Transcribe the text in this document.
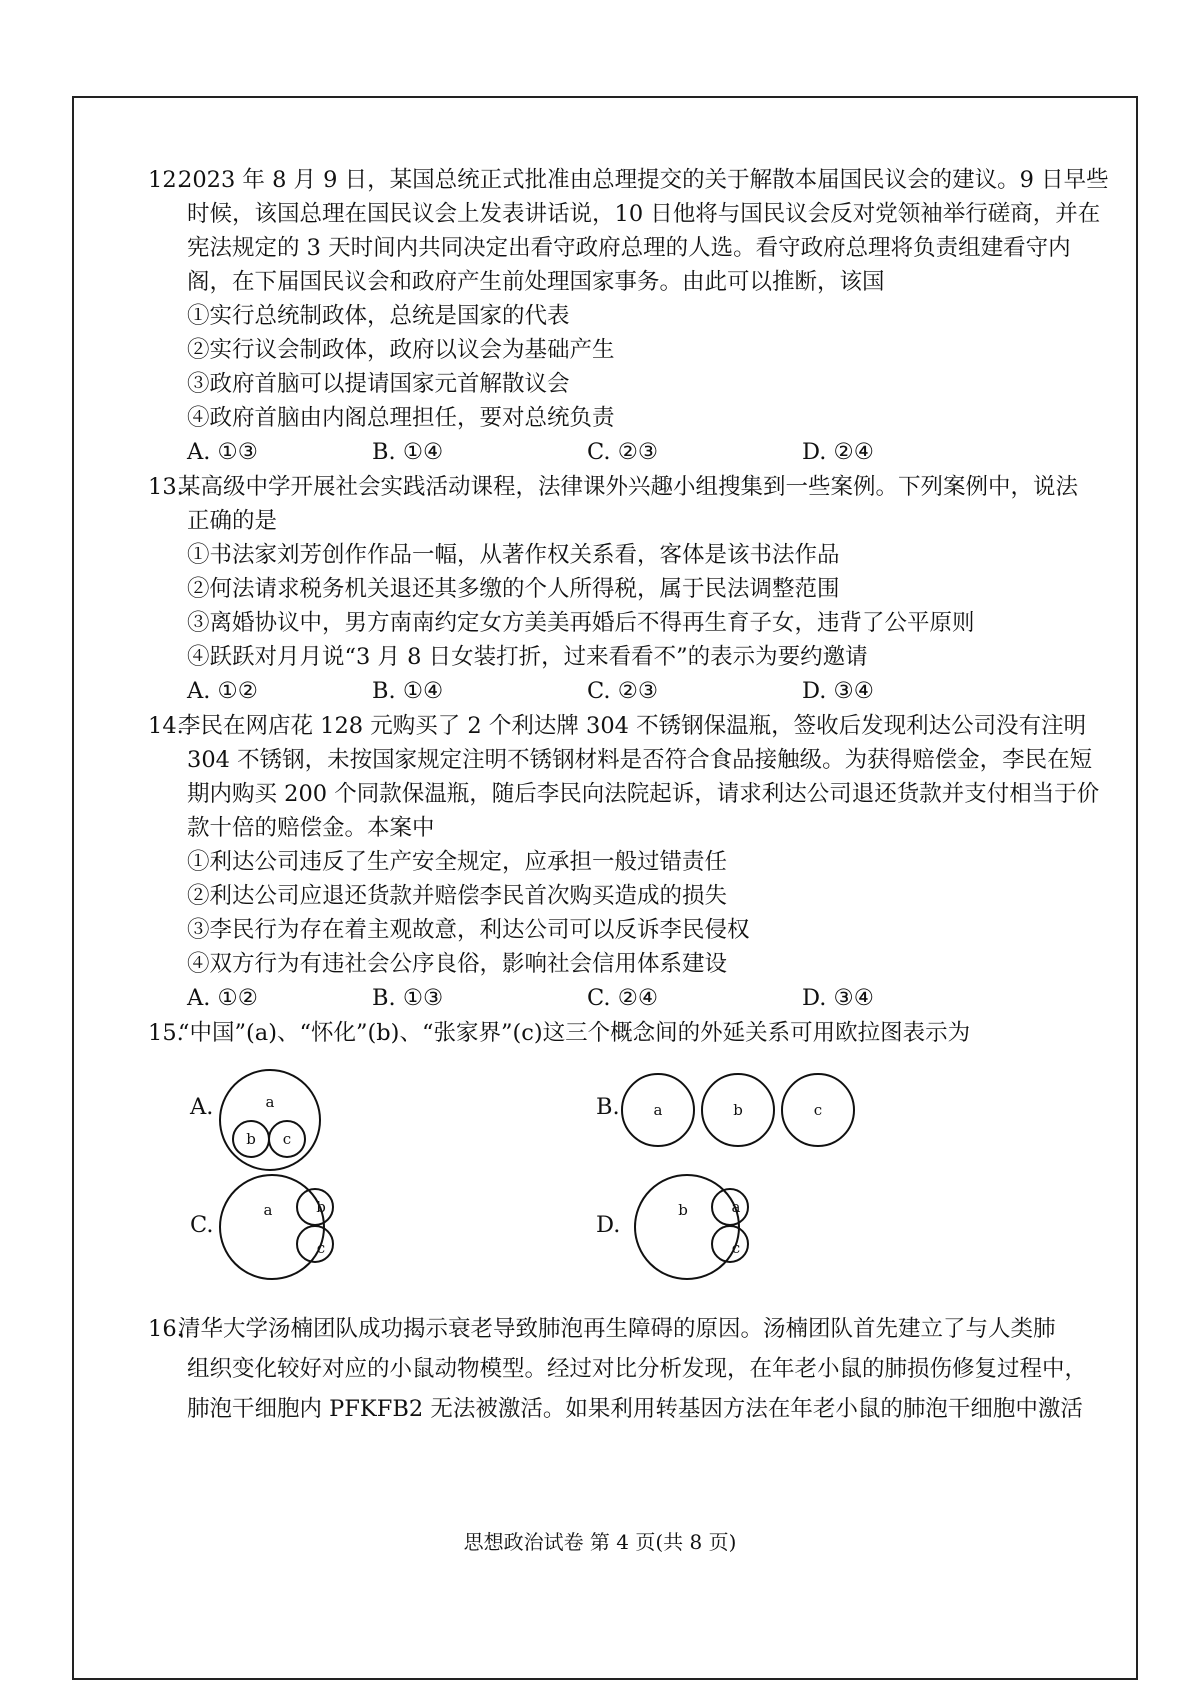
12.
2023 年 8 月 9 日，某国总统正式批准由总理提交的关于解散本届国民议会的建议。9 日早些
时候，该国总理在国民议会上发表讲话说，10 日他将与国民议会反对党领袖举行磋商，并在
宪法规定的 3 天时间内共同决定出看守政府总理的人选。看守政府总理将负责组建看守内
阁，在下届国民议会和政府产生前处理国家事务。由此可以推断，该国
①实行总统制政体，总统是国家的代表
②实行议会制政体，政府以议会为基础产生
③政府首脑可以提请国家元首解散议会
④政府首脑由内阁总理担任，要对总统负责
A. ①③	B. ①④	C. ②③	D. ②④
13.
某高级中学开展社会实践活动课程，法律课外兴趣小组搜集到一些案例。下列案例中，说法
正确的是
①书法家刘芳创作作品一幅，从著作权关系看，客体是该书法作品
②何法请求税务机关退还其多缴的个人所得税，属于民法调整范围
③离婚协议中，男方南南约定女方美美再婚后不得再生育子女，违背了公平原则
④跃跃对月月说“3 月 8 日女装打折，过来看看不”的表示为要约邀请
A. ①②	B. ①④	C. ②③	D. ③④
14.
李民在网店花 128 元购买了 2 个利达牌 304 不锈钢保温瓶，签收后发现利达公司没有注明
304 不锈钢，未按国家规定注明不锈钢材料是否符合食品接触级。为获得赔偿金，李民在短
期内购买 200 个同款保温瓶，随后李民向法院起诉，请求利达公司退还货款并支付相当于价
款十倍的赔偿金。本案中
①利达公司违反了生产安全规定，应承担一般过错责任
②利达公司应退还货款并赔偿李民首次购买造成的损失
③李民行为存在着主观故意，利达公司可以反诉李民侵权
④双方行为有违社会公序良俗，影响社会信用体系建设
A. ①②	B. ①③	C. ②④	D. ③④
15.
“中国”(a)、“怀化”(b)、“张家界”(c)这三个概念间的外延关系可用欧拉图表示为
A.	a
b c
B. a	b	c
C.
a	b
c
D.
b	a
c
16.
清华大学汤楠团队成功揭示衰老导致肺泡再生障碍的原因。汤楠团队首先建立了与人类肺
组织变化较好对应的小鼠动物模型。经过对比分析发现，在年老小鼠的肺损伤修复过程中，
肺泡干细胞内 PFKFB2 无法被激活。如果利用转基因方法在年老小鼠的肺泡干细胞中激活
思想政治试卷 第 4 页(共 8 页)
